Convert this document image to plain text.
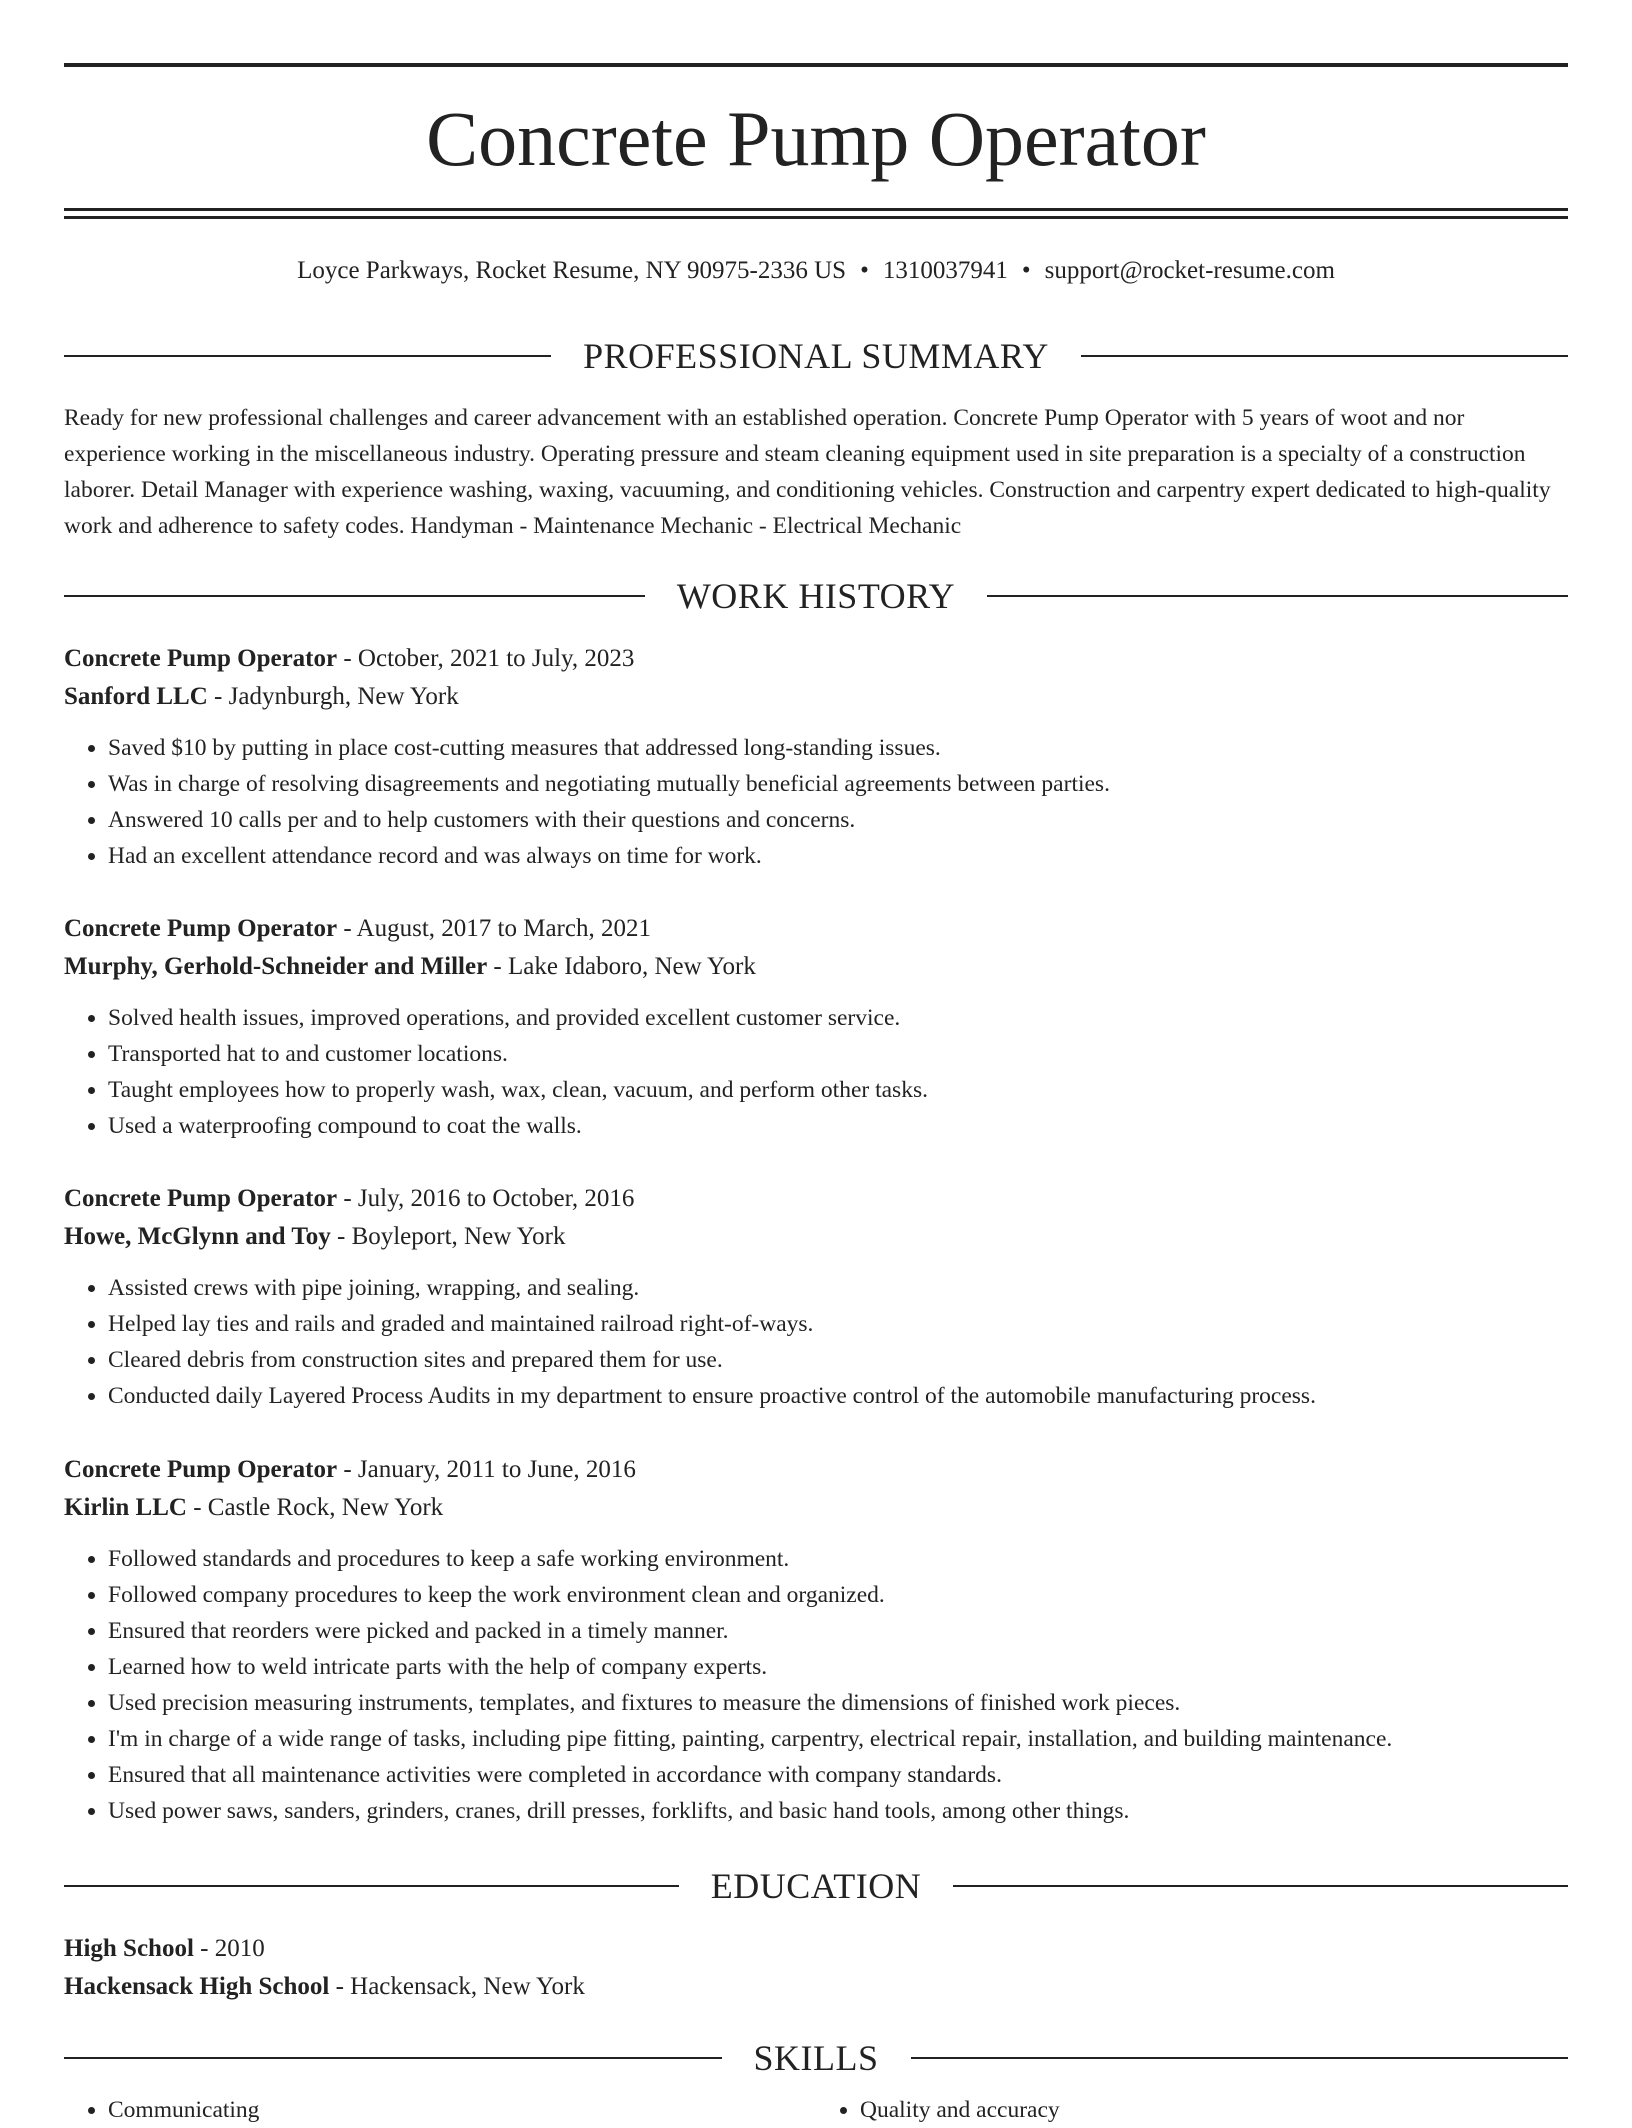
Concrete Pump Operator
Loyce Parkways, Rocket Resume, NY 90975-2336 US • 1310037941 • support@rocket-resume.com
PROFESSIONAL SUMMARY

Ready for new professional challenges and career advancement with an established operation. Concrete Pump Operator with 5 years of woot and nor experience working in the miscellaneous industry. Operating pressure and steam cleaning equipment used in site preparation is a specialty of a construction laborer. Detail Manager with experience washing, waxing, vacuuming, and conditioning vehicles. Construction and carpentry expert dedicated to high-quality work and adherence to safety codes. Handyman - Maintenance Mechanic - Electrical Mechanic

WORK HISTORY
Concrete Pump Operator - October, 2021 to July, 2023
Sanford LLC - Jadynburgh, New York
• Saved $10 by putting in place cost-cutting measures that addressed long-standing issues.
• Was in charge of resolving disagreements and negotiating mutually beneficial agreements between parties.
• Answered 10 calls per and to help customers with their questions and concerns.
• Had an excellent attendance record and was always on time for work.
Concrete Pump Operator - August, 2017 to March, 2021
Murphy, Gerhold-Schneider and Miller - Lake Idaboro, New York
• Solved health issues, improved operations, and provided excellent customer service.
• Transported hat to and customer locations.
• Taught employees how to properly wash, wax, clean, vacuum, and perform other tasks.
• Used a waterproofing compound to coat the walls.
Concrete Pump Operator - July, 2016 to October, 2016
Howe, McGlynn and Toy - Boyleport, New York
• Assisted crews with pipe joining, wrapping, and sealing.
• Helped lay ties and rails and graded and maintained railroad right-of-ways.
• Cleared debris from construction sites and prepared them for use.
• Conducted daily Layered Process Audits in my department to ensure proactive control of the automobile manufacturing process.
Concrete Pump Operator - January, 2011 to June, 2016
Kirlin LLC - Castle Rock, New York
• Followed standards and procedures to keep a safe working environment.
• Followed company procedures to keep the work environment clean and organized.
• Ensured that reorders were picked and packed in a timely manner.
• Learned how to weld intricate parts with the help of company experts.
• Used precision measuring instruments, templates, and fixtures to measure the dimensions of finished work pieces.
• I'm in charge of a wide range of tasks, including pipe fitting, painting, carpentry, electrical repair, installation, and building maintenance.
• Ensured that all maintenance activities were completed in accordance with company standards.
• Used power saws, sanders, grinders, cranes, drill presses, forklifts, and basic hand tools, among other things.
EDUCATION
High School - 2010
Hackensack High School - Hackensack, New York
SKILLS
• Communicating
•	Quality and accuracy
